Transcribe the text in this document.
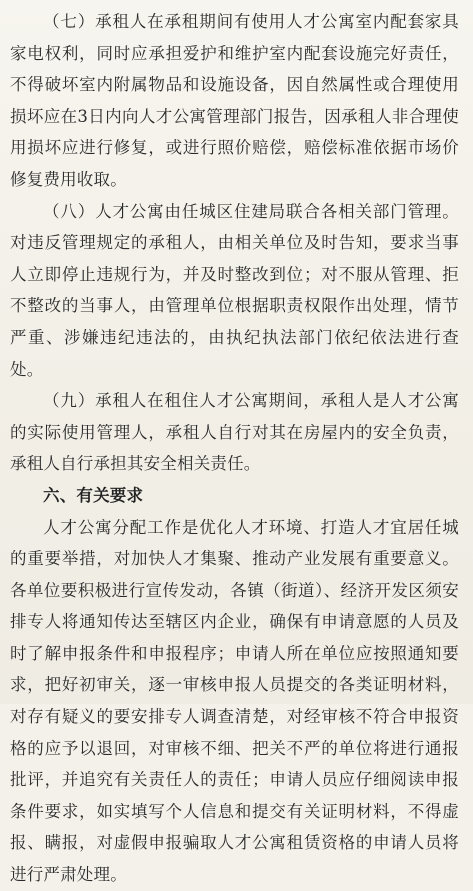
（七）承租人在承租期间有使用人才公寓室内配套家具家电权利，同时应承担爱护和维护室内配套设施完好责任，不得破坏室内附属物品和设施设备，因自然属性或合理使用损坏应在3日内向人才公寓管理部门报告，因承租人非合理使用损坏应进行修复，或进行照价赔偿，赔偿标准依据市场价修复费用收取。

（八）人才公寓由任城区住建局联合各相关部门管理。对违反管理规定的承租人，由相关单位及时告知，要求当事人立即停止违规行为，并及时整改到位；对不服从管理、拒不整改的当事人，由管理单位根据职责权限作出处理，情节严重、涉嫌违纪违法的，由执纪执法部门依纪依法进行查处。

（九）承租人在租住人才公寓期间，承租人是人才公寓的实际使用管理人，承租人自行对其在房屋内的安全负责，承租人自行承担其安全相关责任。

六、有关要求

人才公寓分配工作是优化人才环境、打造人才宜居任城的重要举措，对加快人才集聚、推动产业发展有重要意义。各单位要积极进行宣传发动，各镇（街道）、经济开发区须安排专人将通知传达至辖区内企业，确保有申请意愿的人员及时了解申报条件和申报程序；申请人所在单位应按照通知要求，把好初审关，逐一审核申报人员提交的各类证明材料，对存有疑义的要安排专人调查清楚，对经审核不符合申报资格的应予以退回，对审核不细、把关不严的单位将进行通报批评，并追究有关责任人的责任；申请人员应仔细阅读申报条件要求，如实填写个人信息和提交有关证明材料，不得虚报、瞒报，对虚假申报骗取人才公寓租赁资格的申请人员将进行严肃处理。
